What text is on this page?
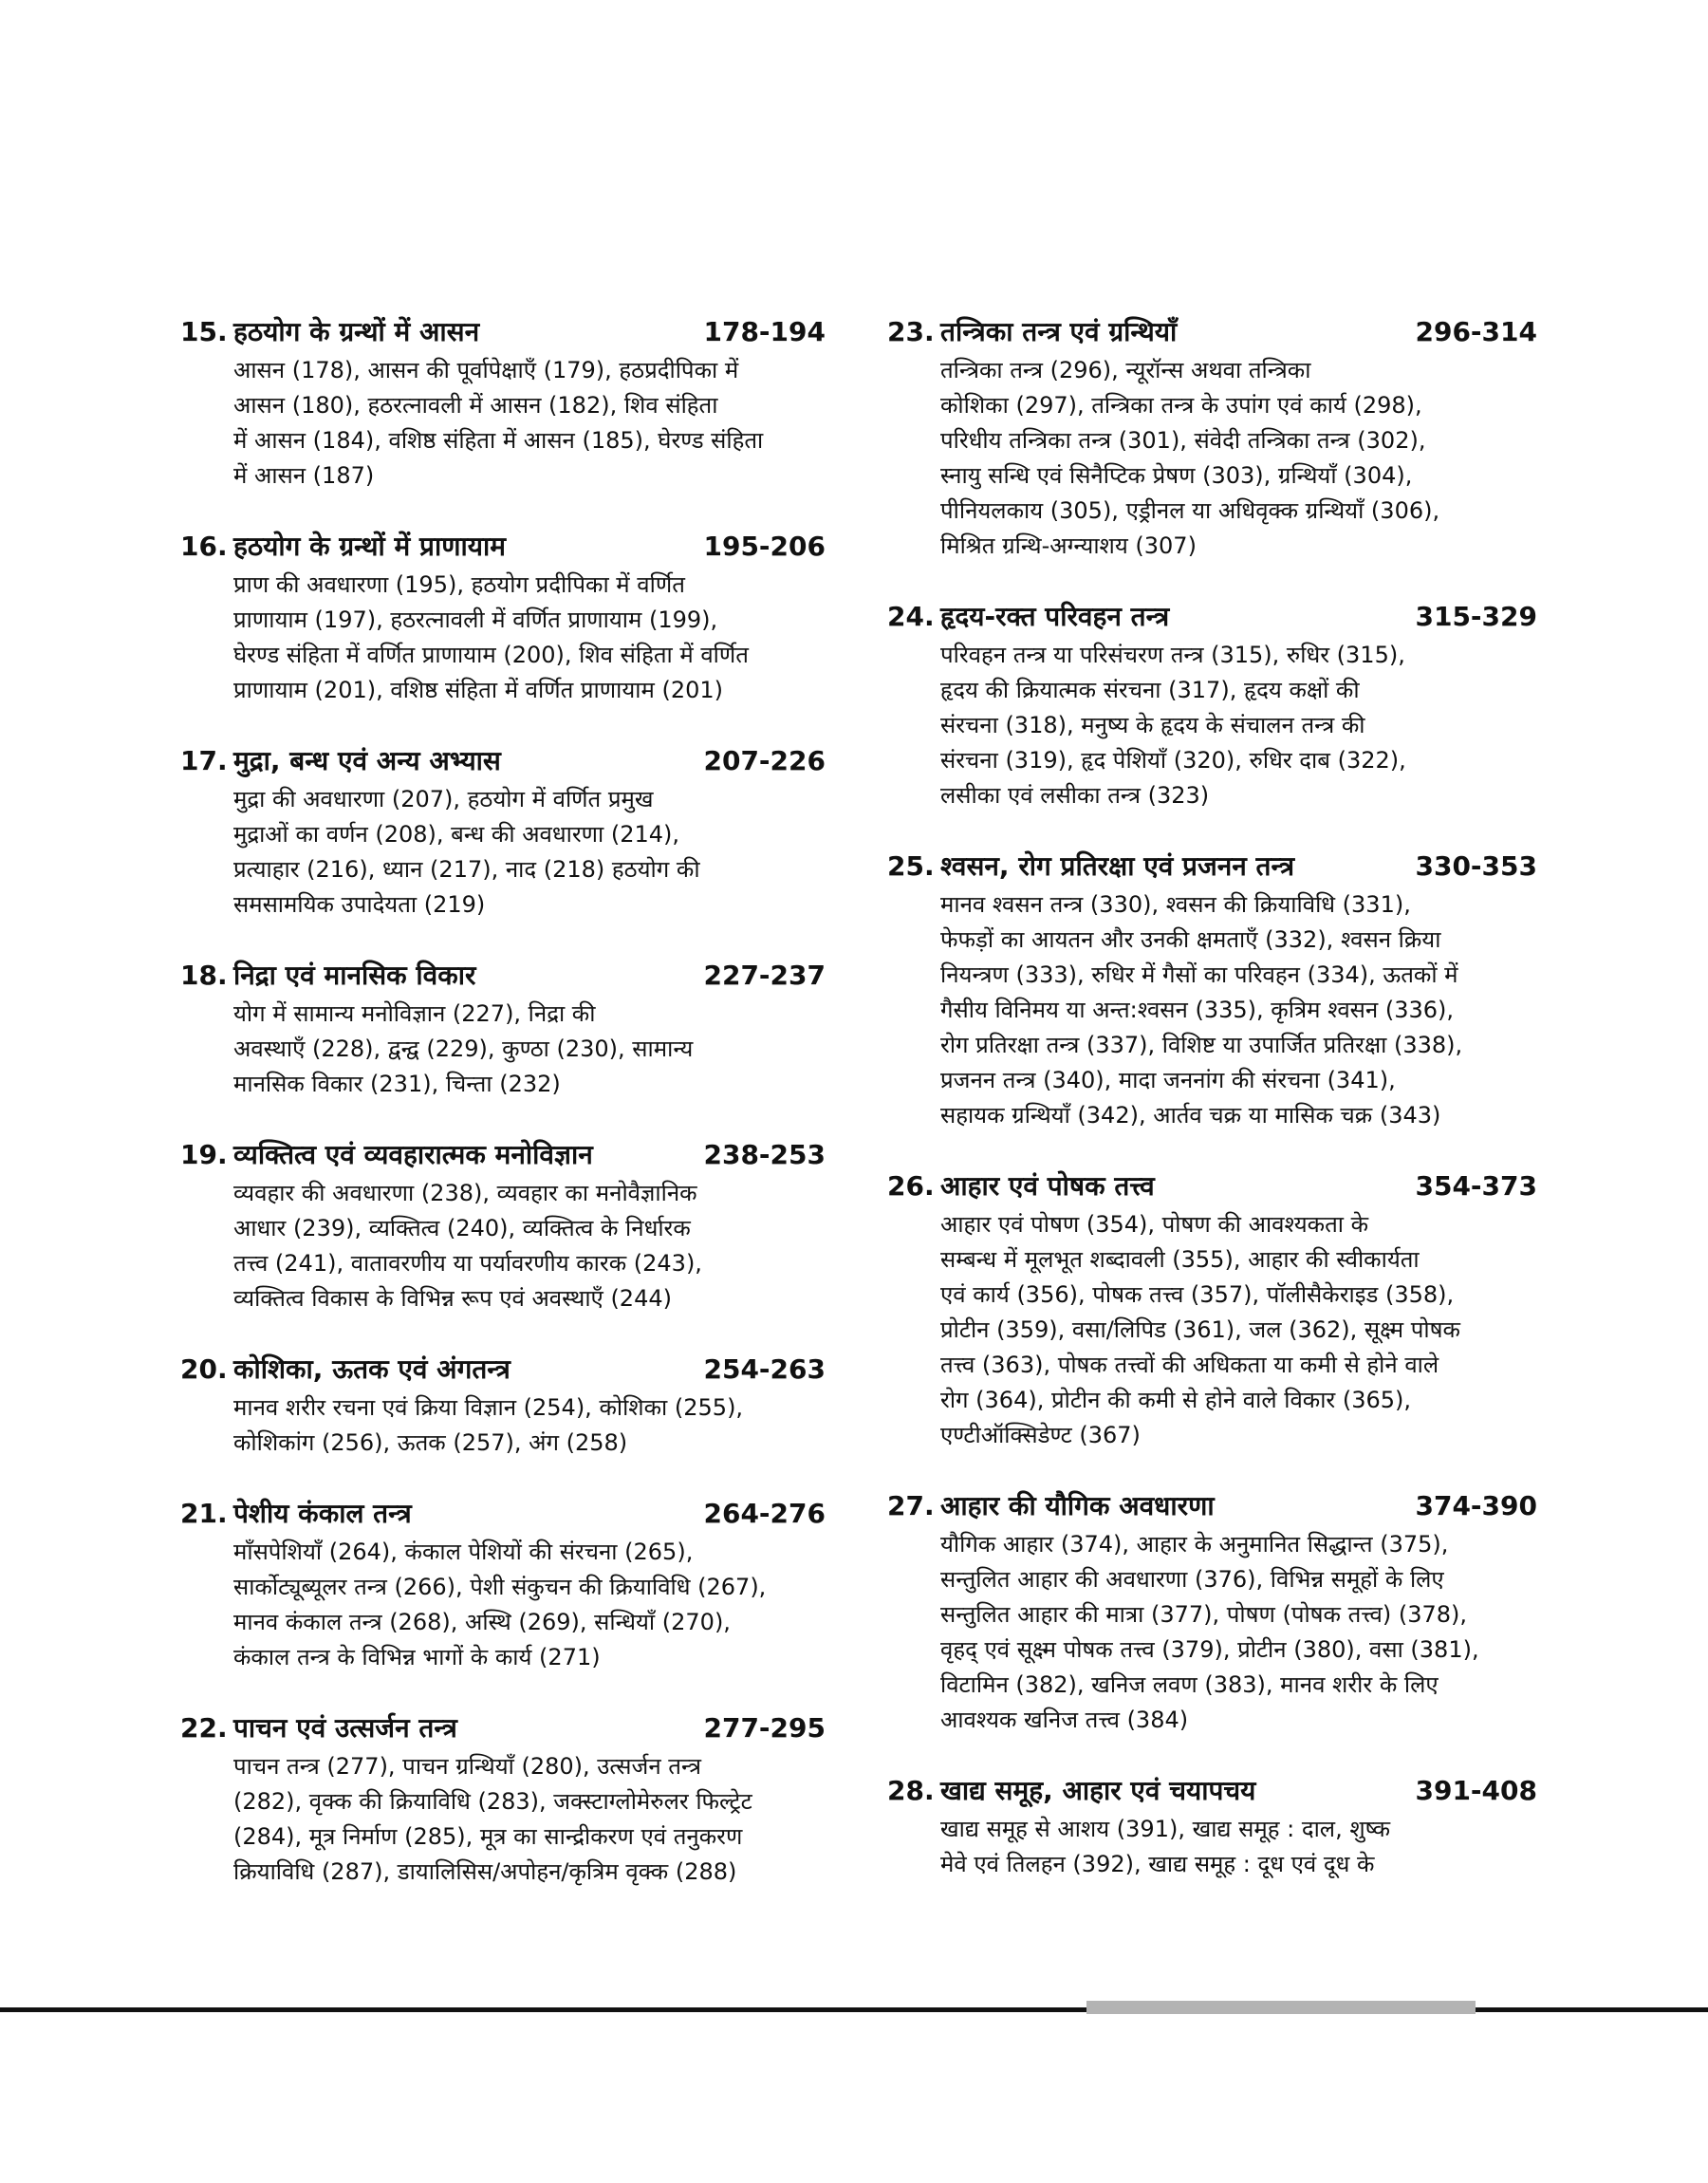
15. हठयोग के ग्रन्थों में आसन	178-194
आसन (178), आसन की पूर्वापेक्षाएँ (179), हठप्रदीपिका में
आसन (180), हठरत्नावली में आसन (182), शिव संहिता
में आसन (184), वशिष्ठ संहिता में आसन (185), घेरण्ड संहिता
में आसन (187)
16. हठयोग के ग्रन्थों में प्राणायाम	195-206
प्राण की अवधारणा (195), हठयोग प्रदीपिका में वर्णित
प्राणायाम (197), हठरत्नावली में वर्णित प्राणायाम (199),
घेरण्ड संहिता में वर्णित प्राणायाम (200), शिव संहिता में वर्णित
प्राणायाम (201), वशिष्ठ संहिता में वर्णित प्राणायाम (201)
17. मुद्रा, बन्ध एवं अन्य अभ्यास	207-226
मुद्रा की अवधारणा (207), हठयोग में वर्णित प्रमुख
मुद्राओं का वर्णन (208), बन्ध की अवधारणा (214),
प्रत्याहार (216), ध्यान (217), नाद (218) हठयोग की
समसामयिक उपादेयता (219)
18. निद्रा एवं मानसिक विकार	227-237
योग में सामान्य मनोविज्ञान (227), निद्रा की
अवस्थाएँ (228), द्वन्द्व (229), कुण्ठा (230), सामान्य
मानसिक विकार (231), चिन्ता (232)
19. व्यक्तित्व एवं व्यवहारात्मक मनोविज्ञान	238-253
व्यवहार की अवधारणा (238), व्यवहार का मनोवैज्ञानिक
आधार (239), व्यक्तित्व (240), व्यक्तित्व के निर्धारक
तत्त्व (241), वातावरणीय या पर्यावरणीय कारक (243),
व्यक्तित्व विकास के विभिन्न रूप एवं अवस्थाएँ (244)
20. कोशिका, ऊतक एवं अंगतन्त्र	254-263
मानव शरीर रचना एवं क्रिया विज्ञान (254), कोशिका (255),
कोशिकांग (256), ऊतक (257), अंग (258)
21. पेशीय कंकाल तन्त्र	264-276
माँसपेशियाँ (264), कंकाल पेशियों की संरचना (265),
सार्कोट्यूब्यूलर तन्त्र (266), पेशी संकुचन की क्रियाविधि (267),
मानव कंकाल तन्त्र (268), अस्थि (269), सन्धियाँ (270),
कंकाल तन्त्र के विभिन्न भागों के कार्य (271)
22. पाचन एवं उत्सर्जन तन्त्र	277-295
पाचन तन्त्र (277), पाचन ग्रन्थियाँ (280), उत्सर्जन तन्त्र
(282), वृक्क की क्रियाविधि (283), जक्स्टाग्लोमेरुलर फिल्ट्रेट
(284), मूत्र निर्माण (285), मूत्र का सान्द्रीकरण एवं तनुकरण
क्रियाविधि (287), डायालिसिस/अपोहन/कृत्रिम वृक्क (288)
23. तन्त्रिका तन्त्र एवं ग्रन्थियाँ	296-314
तन्त्रिका तन्त्र (296), न्यूरॉन्स अथवा तन्त्रिका
कोशिका (297), तन्त्रिका तन्त्र के उपांग एवं कार्य (298),
परिधीय तन्त्रिका तन्त्र (301), संवेदी तन्त्रिका तन्त्र (302),
स्नायु सन्धि एवं सिनैप्टिक प्रेषण (303), ग्रन्थियाँ (304),
पीनियलकाय (305), एड्रीनल या अधिवृक्क ग्रन्थियाँ (306),
मिश्रित ग्रन्थि-अग्न्याशय (307)
24. हृदय-रक्त परिवहन तन्त्र	315-329
परिवहन तन्त्र या परिसंचरण तन्त्र (315), रुधिर (315),
हृदय की क्रियात्मक संरचना (317), हृदय कक्षों की
संरचना (318), मनुष्य के हृदय के संचालन तन्त्र की
संरचना (319), हृद पेशियाँ (320), रुधिर दाब (322),
लसीका एवं लसीका तन्त्र (323)
25. श्वसन, रोग प्रतिरक्षा एवं प्रजनन तन्त्र	330-353
मानव श्वसन तन्त्र (330), श्वसन की क्रियाविधि (331),
फेफड़ों का आयतन और उनकी क्षमताएँ (332), श्वसन क्रिया
नियन्त्रण (333), रुधिर में गैसों का परिवहन (334), ऊतकों में
गैसीय विनिमय या अन्त:श्वसन (335), कृत्रिम श्वसन (336),
रोग प्रतिरक्षा तन्त्र (337), विशिष्ट या उपार्जित प्रतिरक्षा (338),
प्रजनन तन्त्र (340), मादा जननांग की संरचना (341),
सहायक ग्रन्थियाँ (342), आर्तव चक्र या मासिक चक्र (343)
26. आहार एवं पोषक तत्त्व	354-373
आहार एवं पोषण (354), पोषण की आवश्यकता के
सम्बन्ध में मूलभूत शब्दावली (355), आहार की स्वीकार्यता
एवं कार्य (356), पोषक तत्त्व (357), पॉलीसैकेराइड (358),
प्रोटीन (359), वसा/लिपिड (361), जल (362), सूक्ष्म पोषक
तत्त्व (363), पोषक तत्त्वों की अधिकता या कमी से होने वाले
रोग (364), प्रोटीन की कमी से होने वाले विकार (365),
एण्टीऑक्सिडेण्ट (367)
27. आहार की यौगिक अवधारणा	374-390
यौगिक आहार (374), आहार के अनुमानित सिद्धान्त (375),
सन्तुलित आहार की अवधारणा (376), विभिन्न समूहों के लिए
सन्तुलित आहार की मात्रा (377), पोषण (पोषक तत्त्व) (378),
वृहद् एवं सूक्ष्म पोषक तत्त्व (379), प्रोटीन (380), वसा (381),
विटामिन (382), खनिज लवण (383), मानव शरीर के लिए
आवश्यक खनिज तत्त्व (384)
28. खाद्य समूह, आहार एवं चयापचय	391-408
खाद्य समूह से आशय (391), खाद्य समूह : दाल, शुष्क
मेवे एवं तिलहन (392), खाद्य समूह : दूध एवं दूध के
